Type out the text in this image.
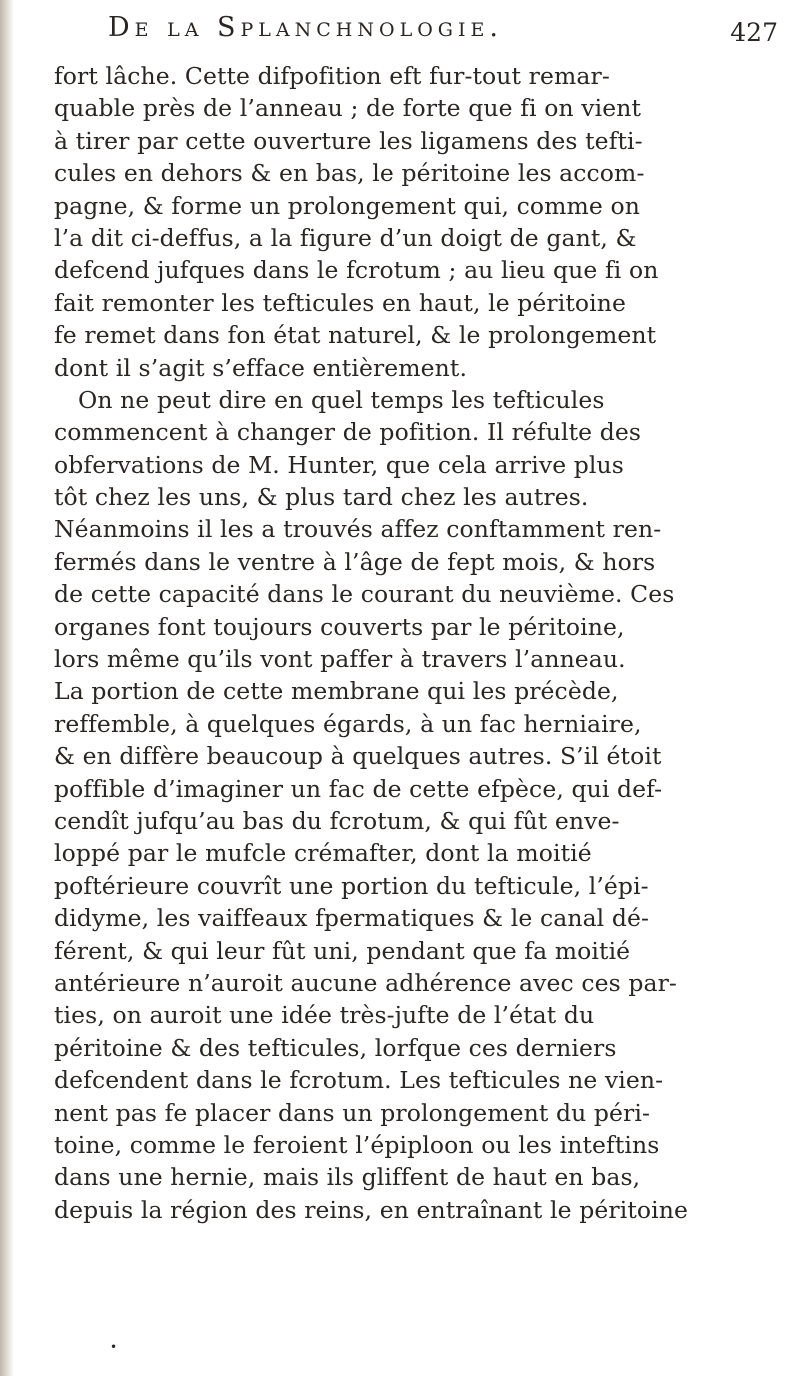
De la Splanchnologie.	427
fort lâche. Cette difpofition eft fur-tout remar-
quable près de l’anneau ; de forte que fi on vient
à tirer par cette ouverture les ligamens des tefti-
cules en dehors & en bas, le péritoine les accom-
pagne, & forme un prolongement qui, comme on
l’a dit ci-deffus, a la figure d’un doigt de gant, &
defcend jufques dans le fcrotum ; au lieu que fi on
fait remonter les tefticules en haut, le péritoine
fe remet dans fon état naturel, & le prolongement
dont il s’agit s’efface entièrement.
On ne peut dire en quel temps les tefticules
commencent à changer de pofition. Il réfulte des
obfervations de M. Hunter, que cela arrive plus
tôt chez les uns, & plus tard chez les autres.
Néanmoins il les a trouvés affez conftamment ren-
fermés dans le ventre à l’âge de fept mois, & hors
de cette capacité dans le courant du neuvième. Ces
organes font toujours couverts par le péritoine,
lors même qu’ils vont paffer à travers l’anneau.
La portion de cette membrane qui les précède,
reffemble, à quelques égards, à un fac herniaire,
& en diffère beaucoup à quelques autres. S’il étoit
poffible d’imaginer un fac de cette efpèce, qui def-
cendît jufqu’au bas du fcrotum, & qui fût enve-
loppé par le mufcle crémafter, dont la moitié
poftérieure couvrît une portion du tefticule, l’épi-
didyme, les vaiffeaux fpermatiques & le canal dé-
férent, & qui leur fût uni, pendant que fa moitié
antérieure n’auroit aucune adhérence avec ces par-
ties, on auroit une idée très-jufte de l’état du
péritoine & des tefticules, lorfque ces derniers
defcendent dans le fcrotum. Les tefticules ne vien-
nent pas fe placer dans un prolongement du péri-
toine, comme le feroient l’épiploon ou les inteftins
dans une hernie, mais ils gliffent de haut en bas,
depuis la région des reins, en entraînant le péritoine
•
